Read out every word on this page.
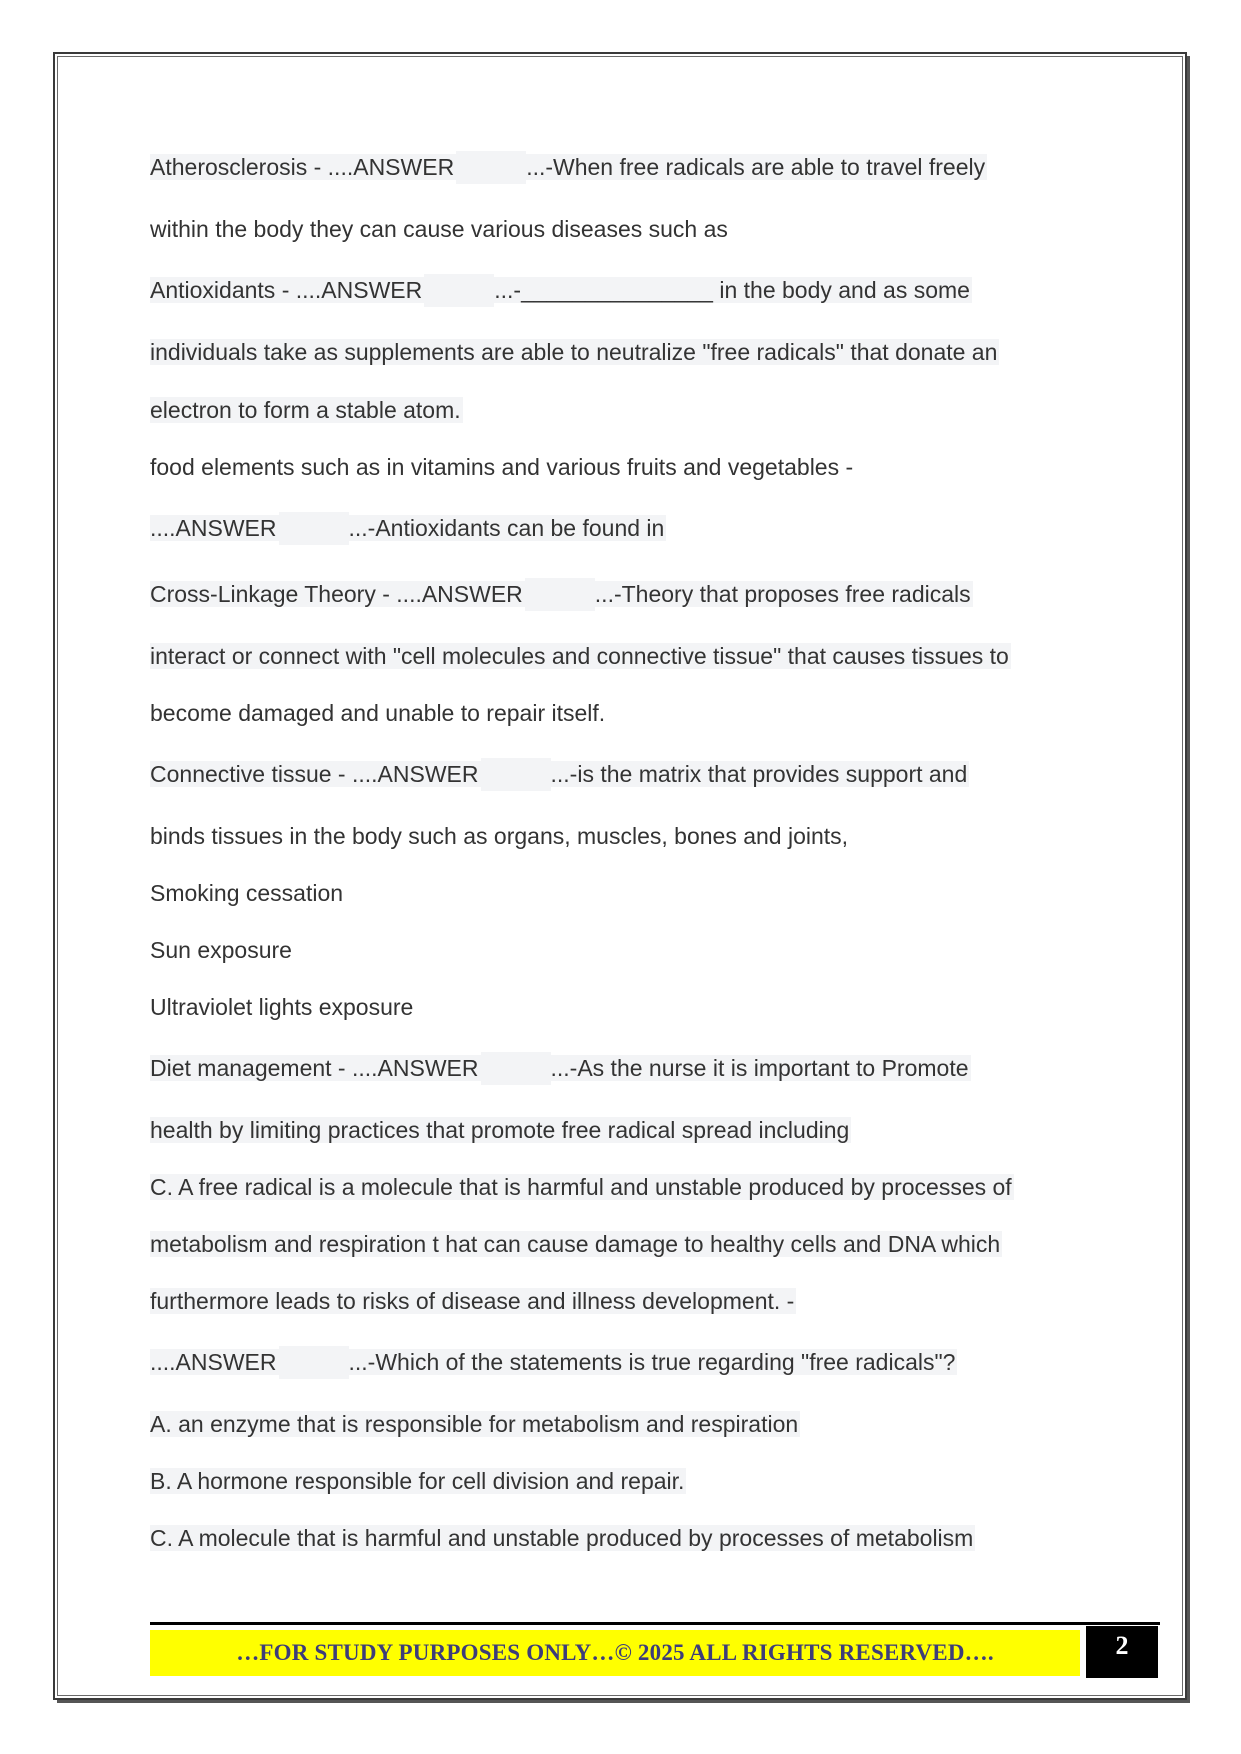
Atherosclerosis - ....ANSWER	...-When free radicals are able to travel freely
within the body they can cause various diseases such as
Antioxidants - ....ANSWER	...-_______________ in the body and as some
individuals take as supplements are able to neutralize "free radicals" that donate an
electron to form a stable atom.
food elements such as in vitamins and various fruits and vegetables -
....ANSWER	...-Antioxidants can be found in
Cross-Linkage Theory - ....ANSWER	...-Theory that proposes free radicals
interact or connect with "cell molecules and connective tissue" that causes tissues to
become damaged and unable to repair itself.
Connective tissue - ....ANSWER	...-is the matrix that provides support and
binds tissues in the body such as organs, muscles, bones and joints,
Smoking cessation
Sun exposure
Ultraviolet lights exposure
Diet management - ....ANSWER	...-As the nurse it is important to Promote
health by limiting practices that promote free radical spread including
C. A free radical is a molecule that is harmful and unstable produced by processes of
metabolism and respiration t hat can cause damage to healthy cells and DNA which
furthermore leads to risks of disease and illness development. -
....ANSWER	...-Which of the statements is true regarding "free radicals"?
A. an enzyme that is responsible for metabolism and respiration
B. A hormone responsible for cell division and repair.
C. A molecule that is harmful and unstable produced by processes of metabolism
…FOR STUDY PURPOSES ONLY…© 2025 ALL RIGHTS RESERVED….	2
